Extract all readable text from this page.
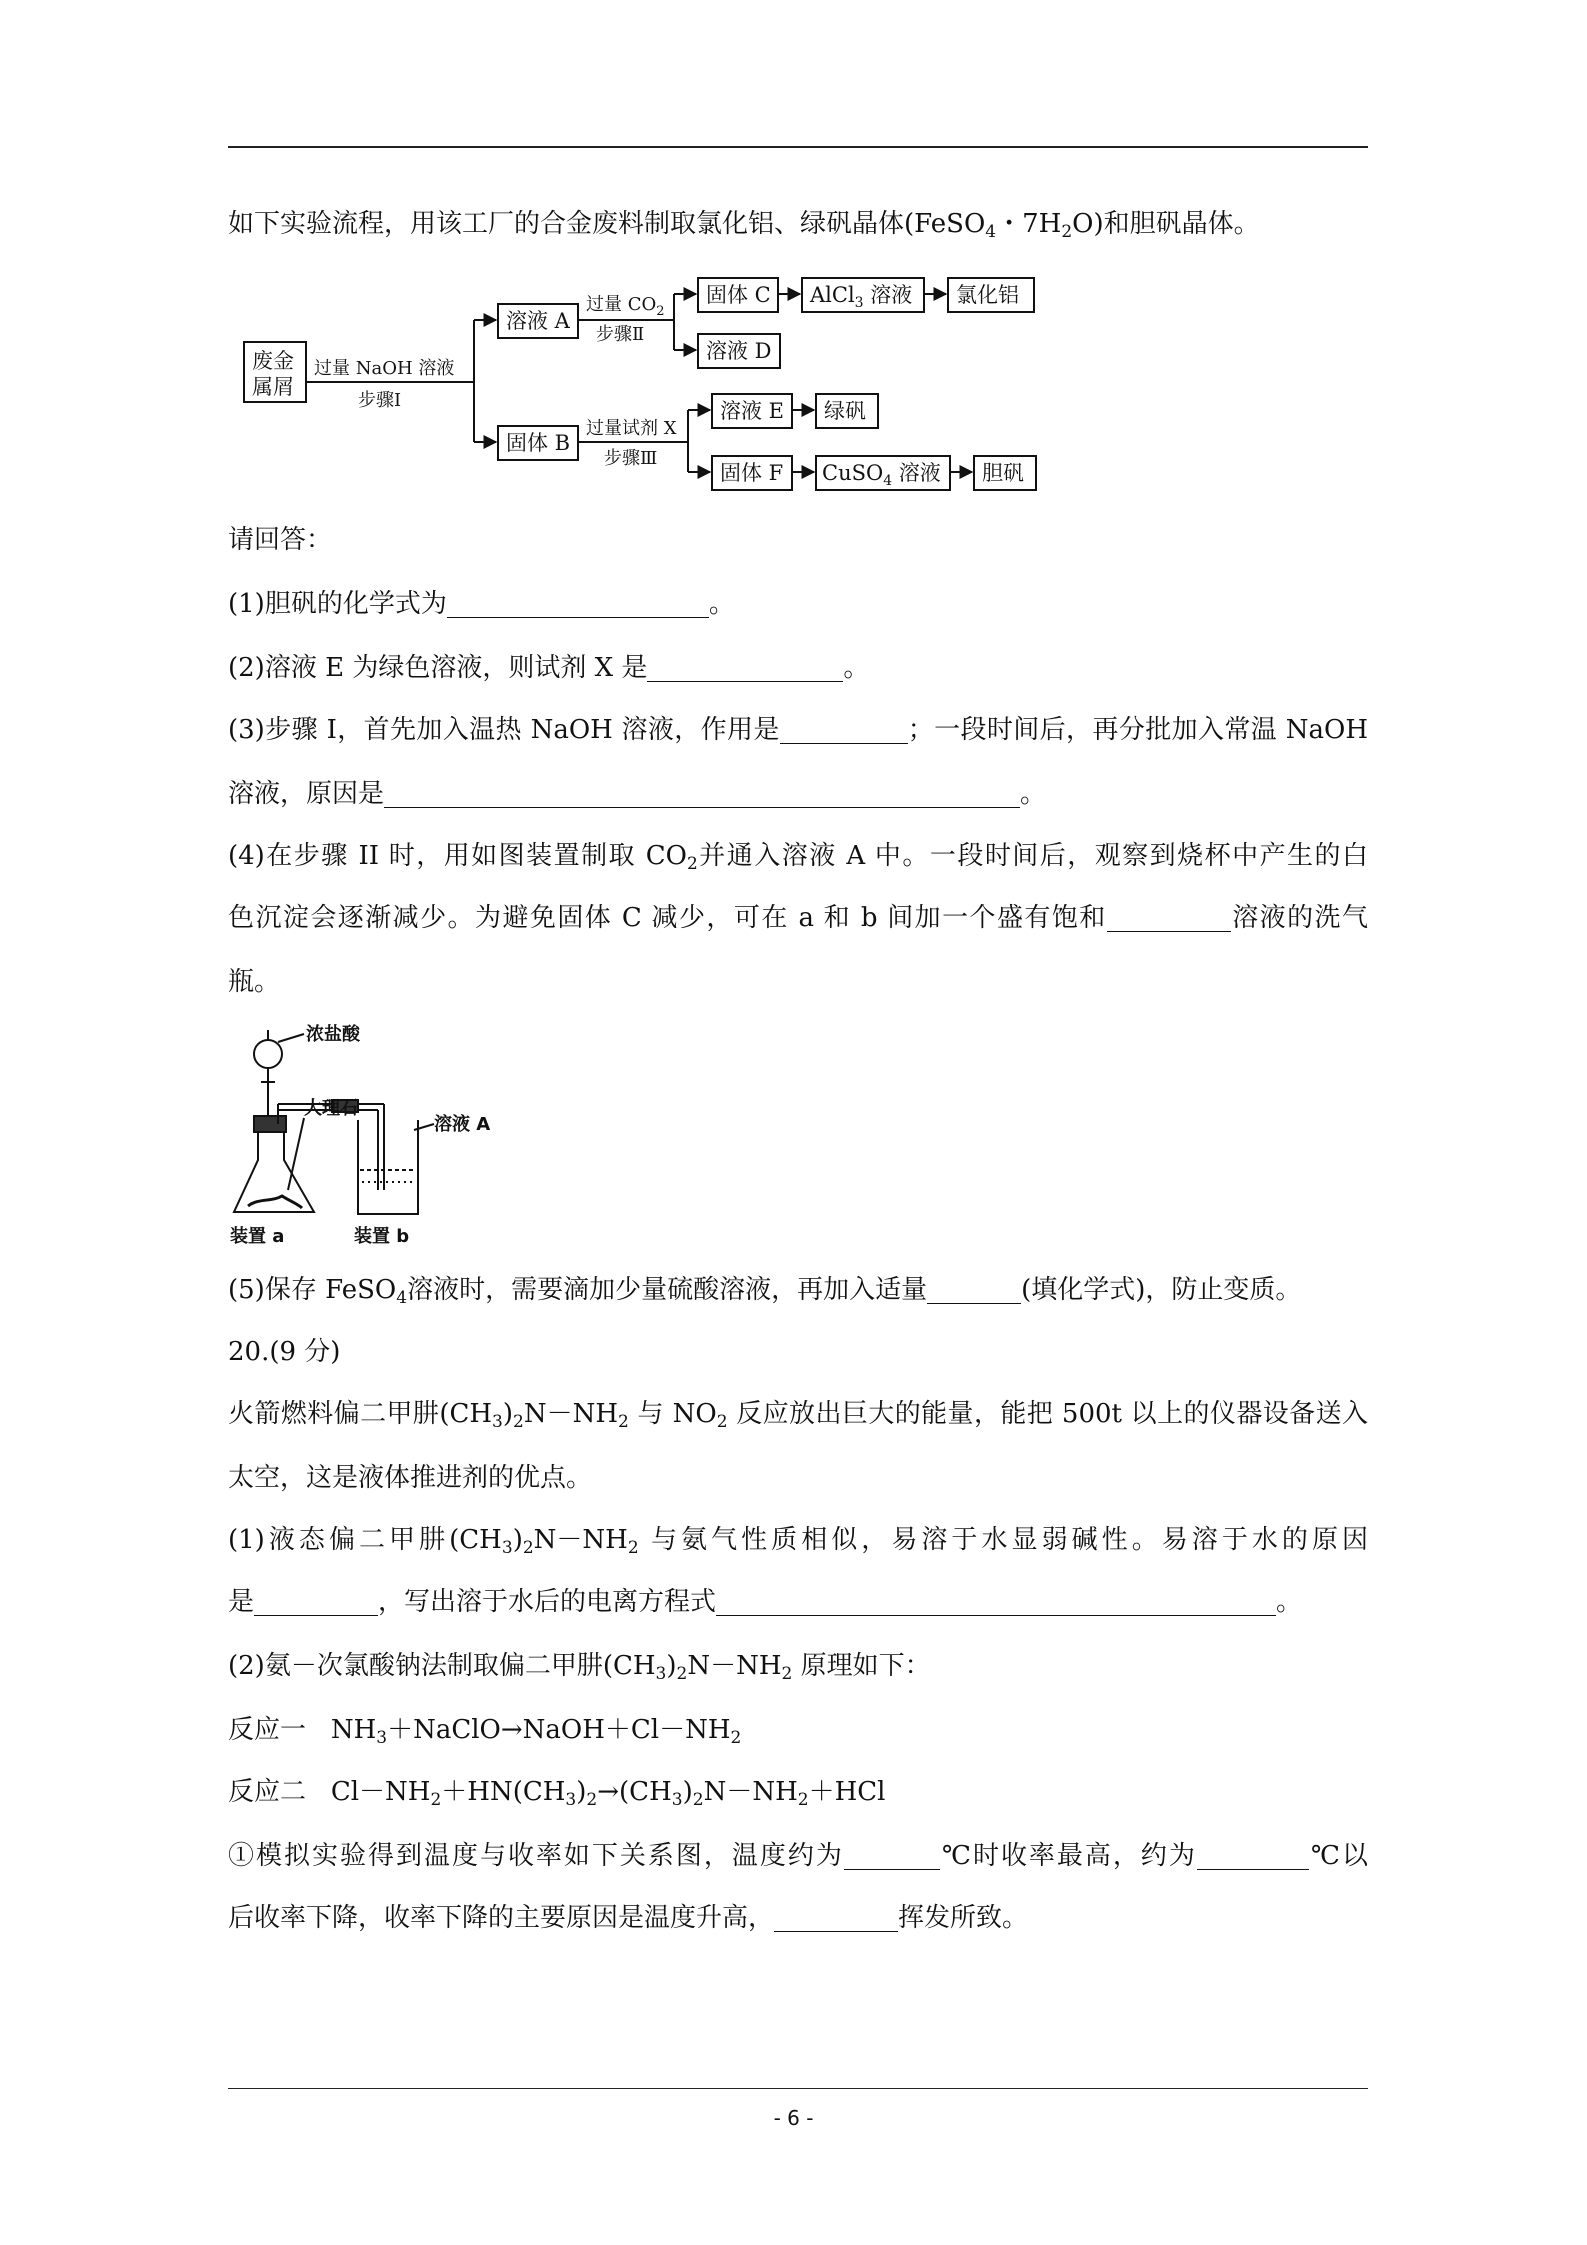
如下实验流程，用该工厂的合金废料制取氯化铝、绿矾晶体(FeSO$_4$・$7H_2O$)和胆矾晶体。
废金
属屑
过量 NaOH 溶液
步骤Ⅰ
溶液 A
过量 $CO_2$
步骤Ⅱ
固体 C AlCl$_3$ 溶液 氯化铝
溶液 D
固体 B
过量试剂 X
步骤Ⅲ
溶液 E 绿矾
固体 F CuSO$_4$ 溶液 胆矾
请回答：
(1)胆矾的化学式为	。
(2)溶液 E 为绿色溶液，则试剂 X 是	。
(3)步骤 I，首先加入温热 NaOH 溶液，作用是	；一段时间后，再分批加入常温 NaOH
溶液，原因是	。
(4)在步骤 II 时，用如图装置制取 $CO_2$并通入溶液 A 中。一段时间后，观察到烧杯中产生的白
色沉淀会逐渐减少。为避免固体 C 减少，可在 a 和 b 间加一个盛有饱和	溶液的洗气
瓶。
浓盐酸
大理石
溶液 A
装置 a	装置 b
(5)保存 FeSO$_4$溶液时，需要滴加少量硫酸溶液，再加入适量	(填化学式)，防止变质。
20.(9 分)
火箭燃料偏二甲肼$(CH_3)_2N-NH_2$ 与 $NO_2$ 反应放出巨大的能量，能把 500t 以上的仪器设备送入
太空，这是液体推进剂的优点。
(1)液态偏二甲肼$(CH_3)_2N-NH_2$ 与氨气性质相似，易溶于水显弱碱性。易溶于水的原因
是	，写出溶于水后的电离方程式	。
(2)氨－次氯酸钠法制取偏二甲肼$(CH_3)_2N-NH_2$ 原理如下：
反应一 $NH_3+NaClO\to NaOH+Cl-NH_2$
反应二 $Cl-NH_2+HN(CH_3)_2\to(CH_3)_2N-NH_2+HCl$
①模拟实验得到温度与收率如下关系图，温度约为	℃时收率最高，约为	℃以
后收率下降，收率下降的主要原因是温度升高，	挥发所致。
- 6 -
